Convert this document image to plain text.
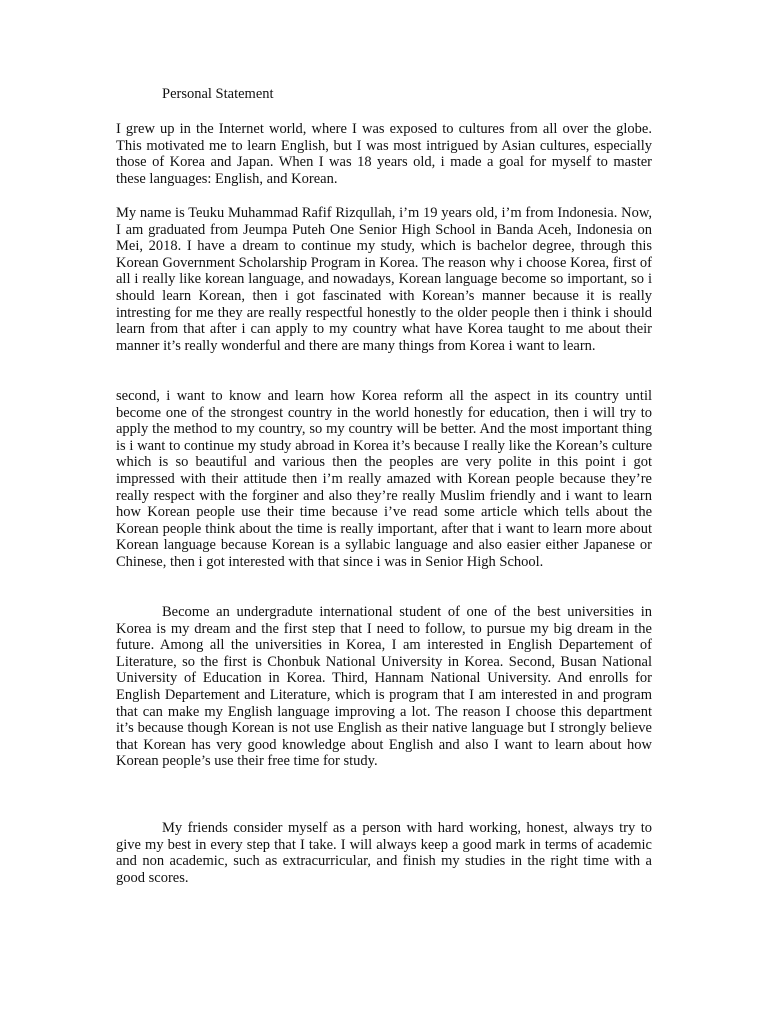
Personal Statement

I grew up in the Internet world, where I was exposed to cultures from all over the globe. This motivated me to learn English, but I was most intrigued by Asian cultures, especially those of Korea and Japan. When I was 18 years old, i made a goal for myself to master these languages: English, and Korean.

My name is Teuku Muhammad Rafif Rizqullah, i’m 19 years old, i’m from Indonesia. Now, I am graduated from Jeumpa Puteh One Senior High School in Banda Aceh, Indonesia on Mei, 2018. I have a dream to continue my study, which is bachelor degree, through this Korean Government Scholarship Program in Korea. The reason why i choose Korea, first of all i really like korean language, and nowadays, Korean language become so important, so i should learn Korean, then i got fascinated with Korean’s manner because it is really intresting for me they are really respectful honestly to the older people then i think i should learn from that after i can apply to my country what have Korea taught to me about their manner it’s really wonderful and there are many things from Korea i want to learn.

second, i want to know and learn how Korea reform all the aspect in its country until become one of the strongest country in the world honestly for education, then i will try to apply the method to my country, so my country will be better. And the most important thing is i want to continue my study abroad in Korea it’s because I really like the Korean’s culture which is so beautiful and various then the peoples are very polite in this point i got impressed with their attitude then i’m really amazed with Korean people because they’re really respect with the forginer and also they’re really Muslim friendly and i want to learn how Korean people use their time because i’ve read some article which tells about the Korean people think about the time is really important, after that i want to learn more about Korean language because Korean is a syllabic language and also easier either Japanese or Chinese, then i got interested with that since i was in Senior High School.

Become an undergradute international student of one of the best universities in Korea is my dream and the first step that I need to follow, to pursue my big dream in the future. Among all the universities in Korea, I am interested in English Departement of Literature, so the first is Chonbuk National University in Korea. Second, Busan National University of Education in Korea. Third, Hannam National University. And enrolls for English Departement and Literature, which is program that I am interested in and program that can make my English language improving a lot. The reason I choose this department it’s because though Korean is not use English as their native language but I strongly believe that Korean has very good knowledge about English and also I want to learn about how Korean people’s use their free time for study.

My friends consider myself as a person with hard working, honest, always try to give my best in every step that I take. I will always keep a good mark in terms of academic and non academic, such as extracurricular, and finish my studies in the right time with a good scores.
